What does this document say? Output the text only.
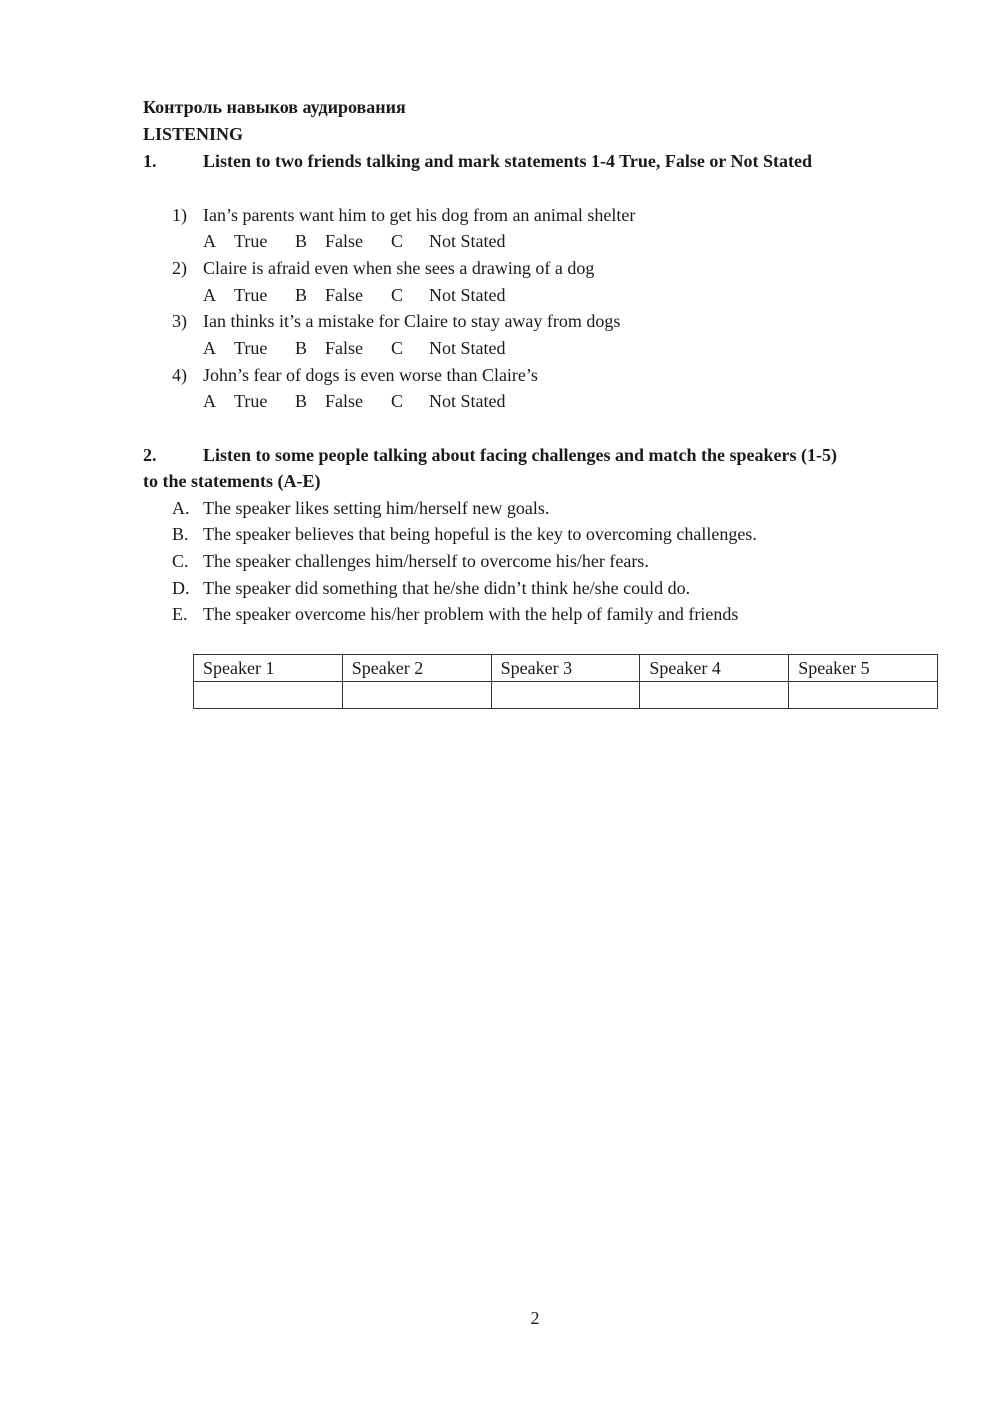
Контроль навыков аудирования
LISTENING
1.	Listen to two friends talking and mark statements 1-4 True, False or Not Stated
1) Ian’s parents want him to get his dog from an animal shelter
A True B False C Not Stated
2) Claire is afraid even when she sees a drawing of a dog
A True B False C Not Stated
3) Ian thinks it’s a mistake for Claire to stay away from dogs
A True B False C Not Stated
4) John’s fear of dogs is even worse than Claire’s
A True B False C Not Stated
2.	Listen to some people talking about facing challenges and match the speakers (1-5)
to the statements (A-E)
A. The speaker likes setting him/herself new goals.
B. The speaker believes that being hopeful is the key to overcoming challenges.
C. The speaker challenges him/herself to overcome his/her fears.
D. The speaker did something that he/she didn’t think he/she could do.
E. The speaker overcome his/her problem with the help of family and friends
Speaker 1	Speaker 2	Speaker 3	Speaker 4	Speaker 5

2
